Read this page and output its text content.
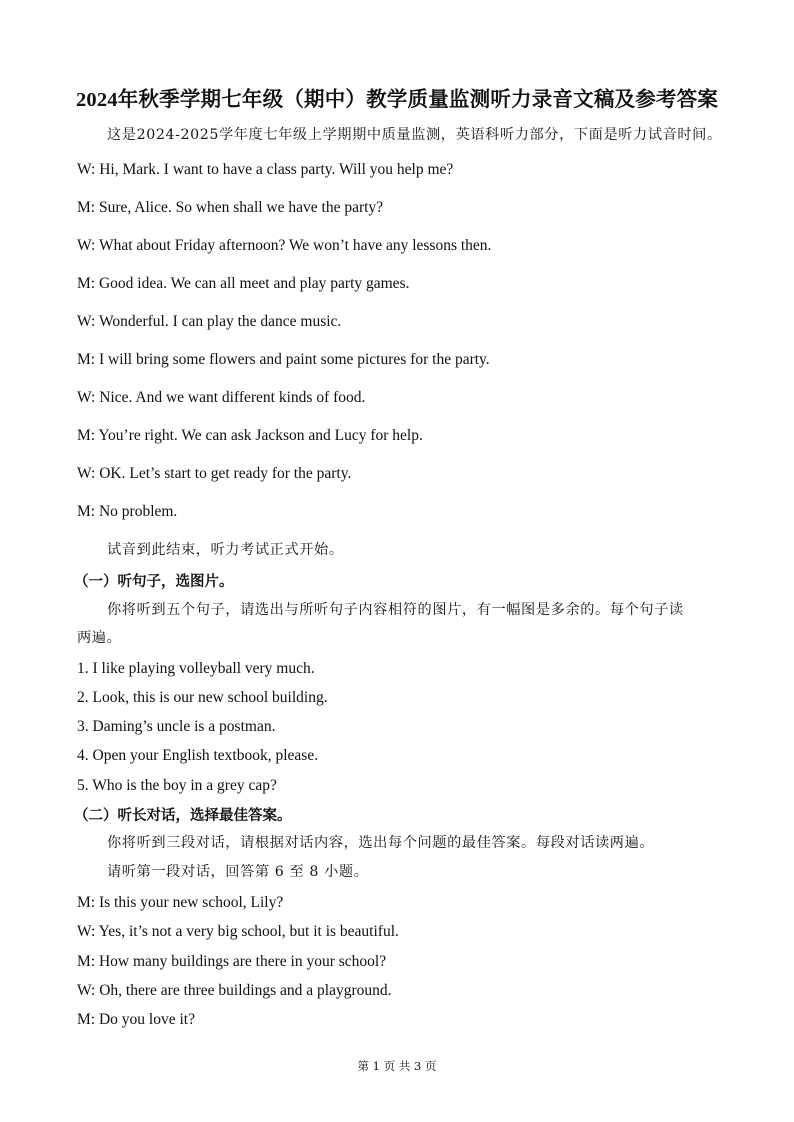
2024年秋季学期七年级（期中）教学质量监测听力录音文稿及参考答案
这是2024-2025学年度七年级上学期期中质量监测，英语科听力部分，下面是听力试音时间。
W: Hi, Mark. I want to have a class party. Will you help me?
M: Sure, Alice. So when shall we have the party?
W: What about Friday afternoon? We won’t have any lessons then.
M: Good idea. We can all meet and play party games.
W: Wonderful. I can play the dance music.
M: I will bring some flowers and paint some pictures for the party.
W: Nice. And we want different kinds of food.
M: You’re right. We can ask Jackson and Lucy for help.
W: OK. Let’s start to get ready for the party.
M: No problem.
试音到此结束，听力考试正式开始。
（一）听句子，选图片。
你将听到五个句子，请选出与所听句子内容相符的图片，有一幅图是多余的。每个句子读
两遍。
1. I like playing volleyball very much.
2. Look, this is our new school building.
3. Daming’s uncle is a postman.
4. Open your English textbook, please.
5. Who is the boy in a grey cap?
（二）听长对话，选择最佳答案。
你将听到三段对话，请根据对话内容，选出每个问题的最佳答案。每段对话读两遍。
请听第一段对话，回答第 6 至 8 小题。
M: Is this your new school, Lily?
W: Yes, it’s not a very big school, but it is beautiful.
M: How many buildings are there in your school?
W: Oh, there are three buildings and a playground.
M: Do you love it?
第 1 页 共 3 页
